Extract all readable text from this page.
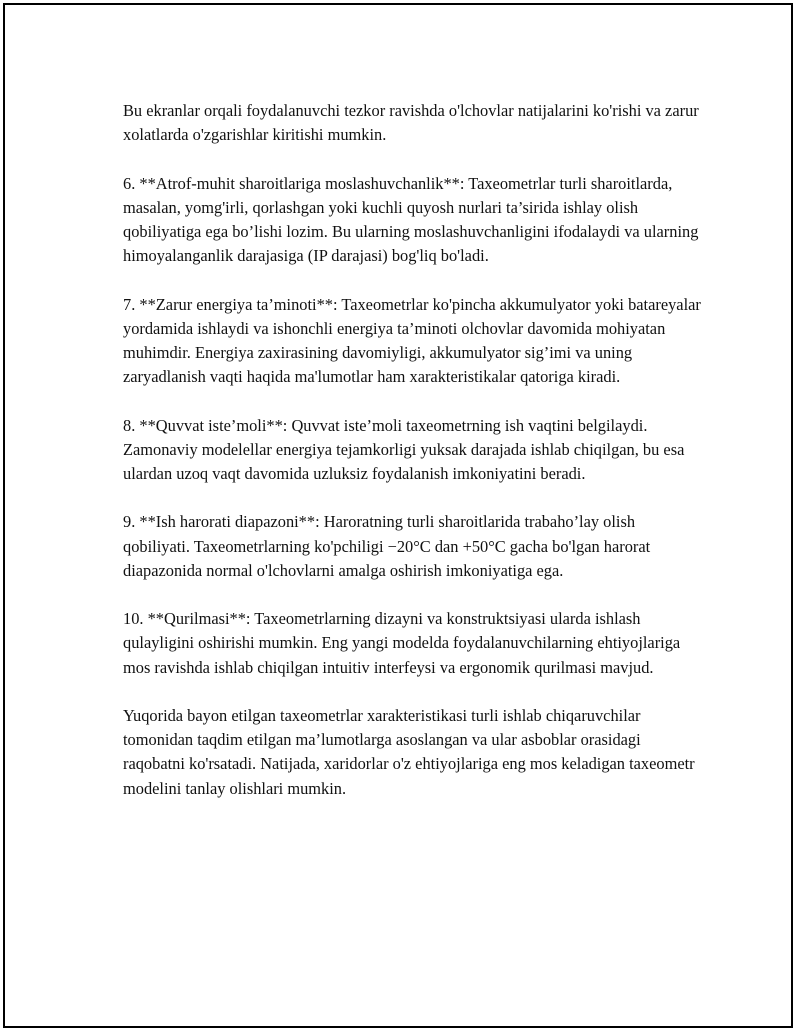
Bu ekranlar orqali foydalanuvchi tezkor ravishda o'lchovlar natijalarini ko'rishi va zarur xolatlarda o'zgarishlar kiritishi mumkin.

6. **Atrof-muhit sharoitlariga moslashuvchanlik**: Taxeometrlar turli sharoitlarda, masalan, yomg'irli, qorlashgan yoki kuchli quyosh nurlari ta’sirida ishlay olish qobiliyatiga ega bo’lishi lozim. Bu ularning moslashuvchanligini ifodalaydi va ularning himoyalanganlik darajasiga (IP darajasi) bog'liq bo'ladi.

7. **Zarur energiya ta’minoti**: Taxeometrlar ko'pincha akkumulyator yoki batareyalar yordamida ishlaydi va ishonchli energiya ta’minoti olchovlar davomida mohiyatan muhimdir. Energiya zaxirasining davomiyligi, akkumulyator sig’imi va uning zaryadlanish vaqti haqida ma'lumotlar ham xarakteristikalar qatoriga kiradi.

8. **Quvvat iste’moli**: Quvvat iste’moli taxeometrning ish vaqtini belgilaydi. Zamonaviy modelellar energiya tejamkorligi yuksak darajada ishlab chiqilgan, bu esa ulardan uzoq vaqt davomida uzluksiz foydalanish imkoniyatini beradi.

9. **Ish harorati diapazoni**: Haroratning turli sharoitlarida trabaho’lay olish qobiliyati. Taxeometrlarning ko'pchiligi −20°C dan +50°C gacha bo'lgan harorat diapazonida normal o'lchovlarni amalga oshirish imkoniyatiga ega.

10. **Qurilmasi**: Taxeometrlarning dizayni va konstruktsiyasi ularda ishlash qulayligini oshirishi mumkin. Eng yangi modelda foydalanuvchilarning ehtiyojlariga mos ravishda ishlab chiqilgan intuitiv interfeysi va ergonomik qurilmasi mavjud.

Yuqorida bayon etilgan taxeometrlar xarakteristikasi turli ishlab chiqaruvchilar tomonidan taqdim etilgan ma’lumotlarga asoslangan va ular asboblar orasidagi raqobatni ko'rsatadi. Natijada, xaridorlar o'z ehtiyojlariga eng mos keladigan taxeometr modelini tanlay olishlari mumkin.
